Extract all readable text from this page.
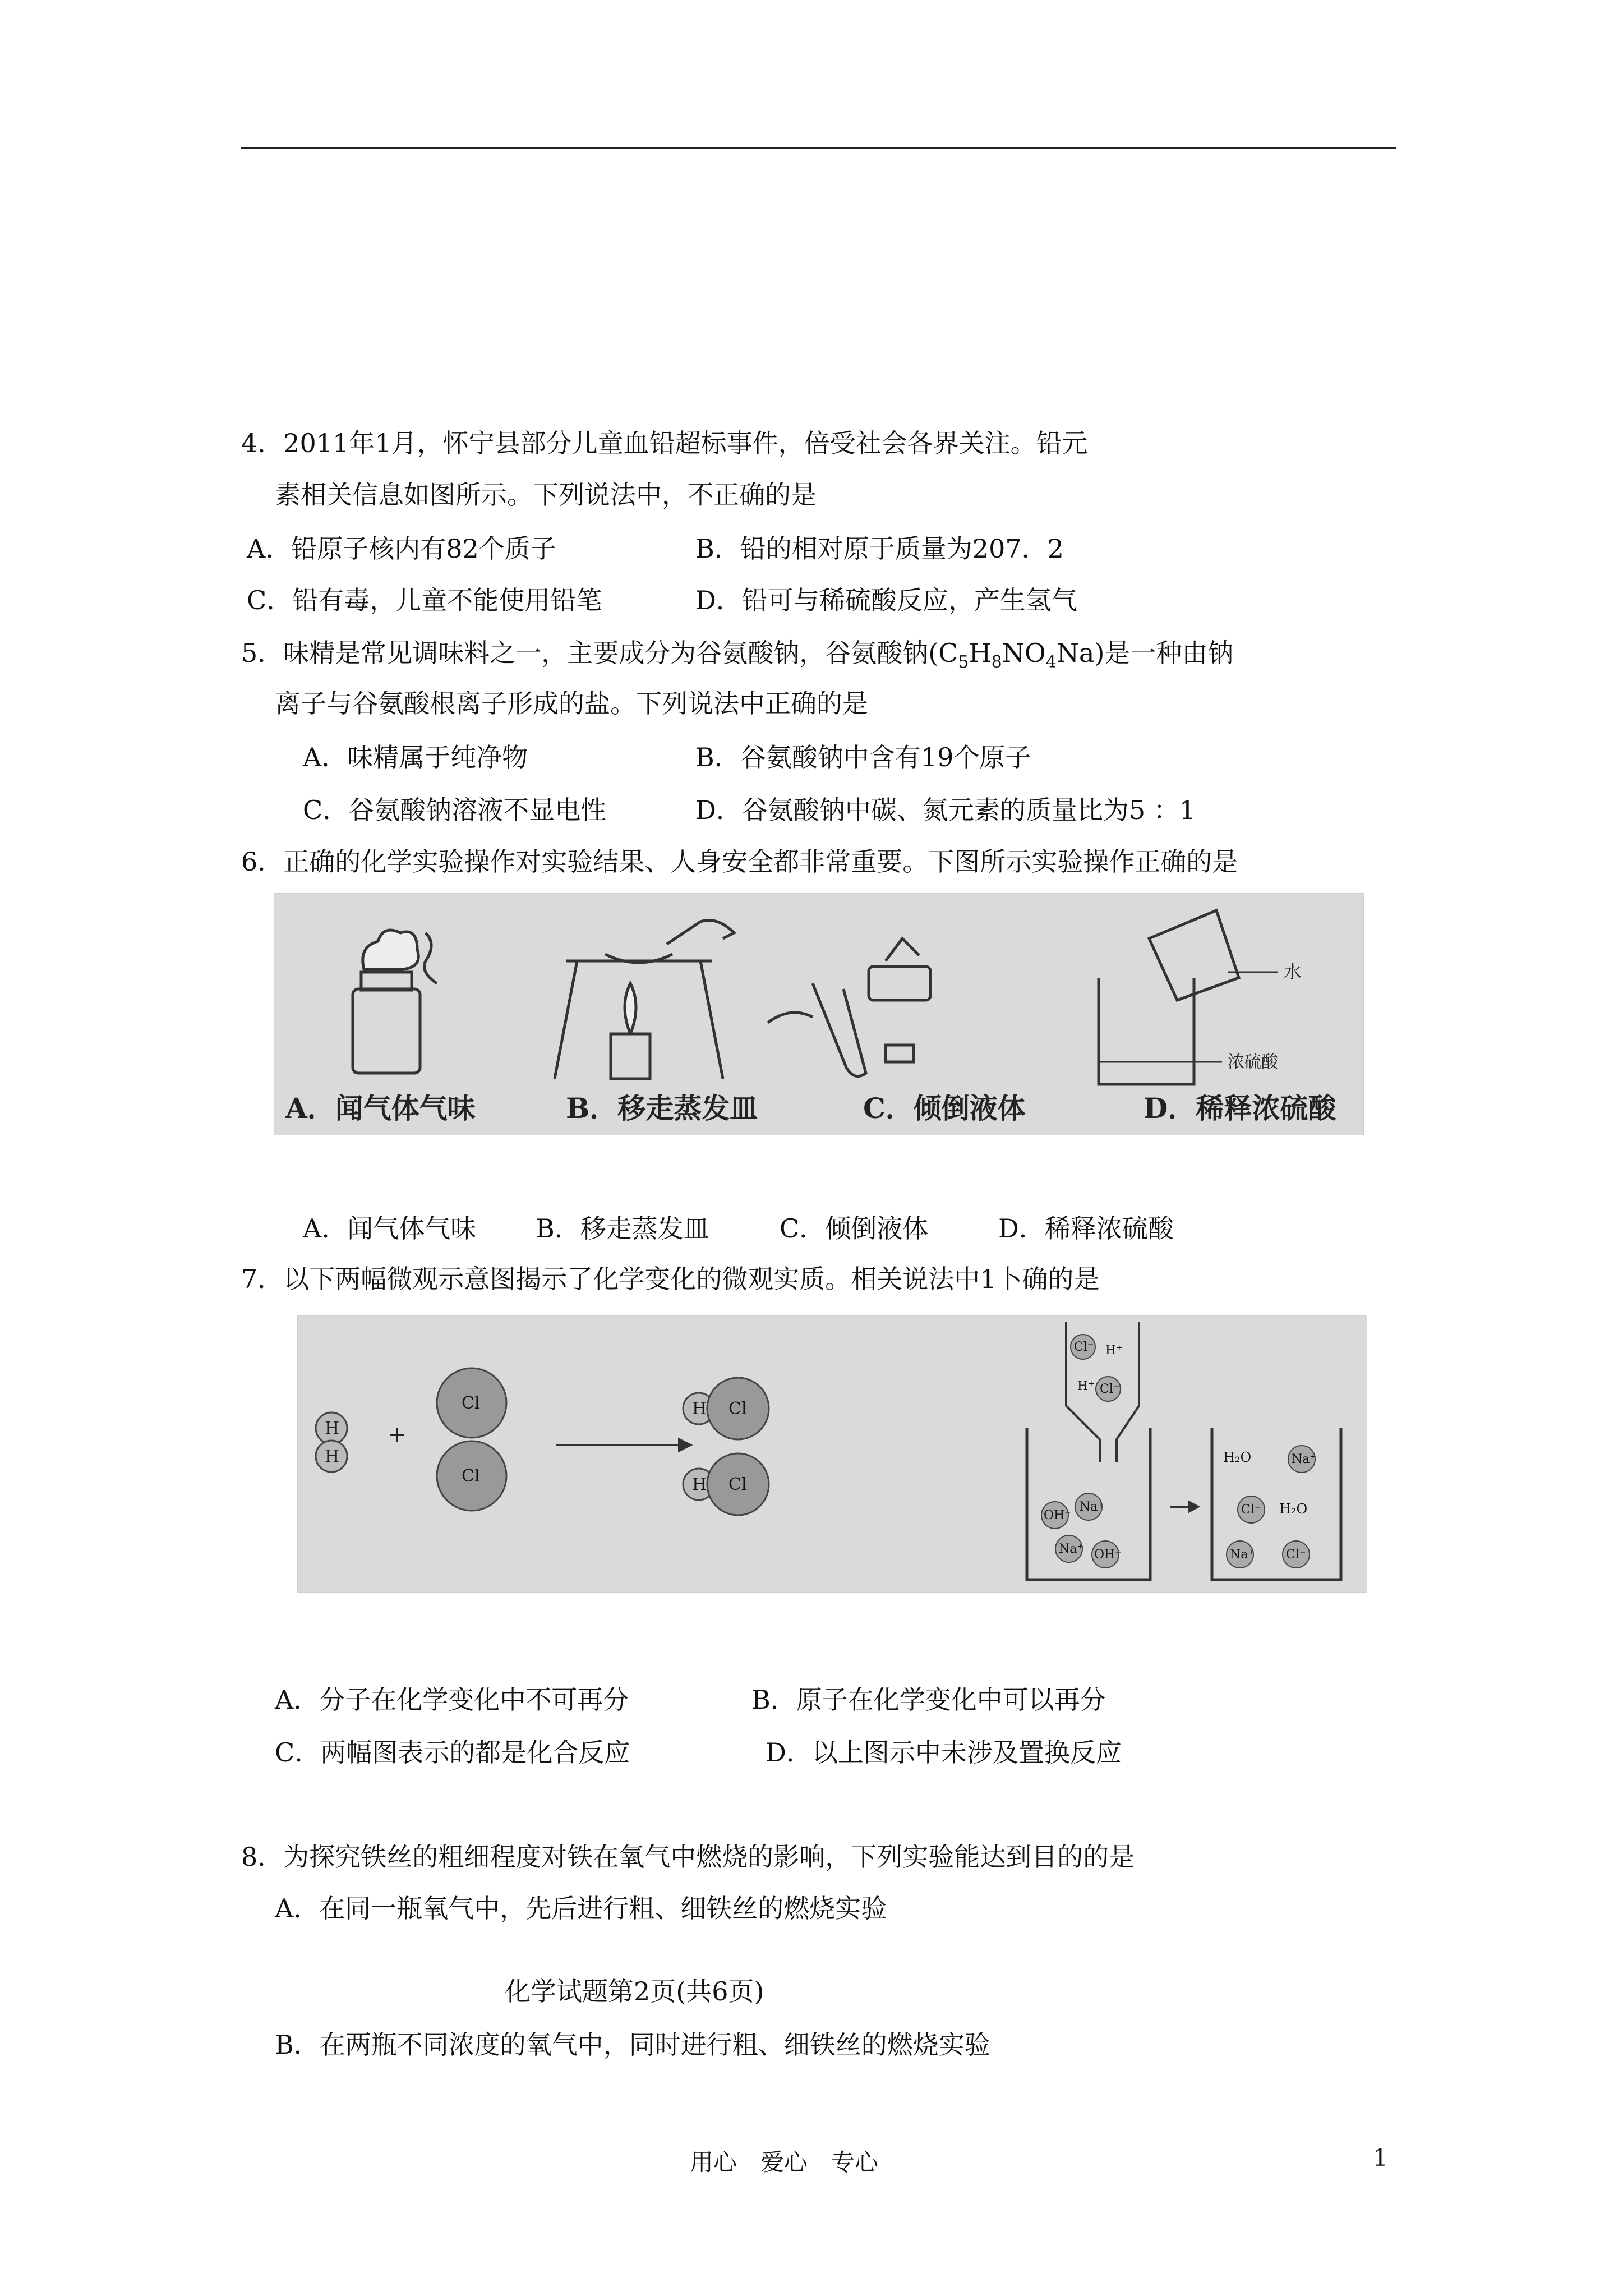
4．2011年1月，怀宁县部分儿童血铅超标事件，倍受社会各界关注。铅元
素相关信息如图所示。下列说法中，不正确的是
A．铅原子核内有82个质子	B．铅的相对原于质量为207．2
C．铅有毒，儿童不能使用铅笔	D．铅可与稀硫酸反应，产生氢气
5．味精是常见调味料之一，主要成分为谷氨酸钠，谷氨酸钠$(C_5H_8NO_4Na)$是一种由钠
离子与谷氨酸根离子形成的盐。下列说法中正确的是
A．味精属于纯净物	B．谷氨酸钠中含有19个原子
C．谷氨酸钠溶液不显电性	D．谷氨酸钠中碳、氮元素的质量比为5 ：1
6．正确的化学实验操作对实验结果、人身安全都非常重要。下图所示实验操作正确的是
水
浓硫酸
A．闻气体气味	B．移走蒸发皿	C．倾倒液体	D．稀释浓硫酸
A．闻气体气味 B．移走蒸发皿	C．倾倒液体	D．稀释浓硫酸
7．以下两幅微观示意图揭示了化学变化的微观实质。相关说法中1卜确的是
H
H
+
Cl
Cl
H Cl
H Cl
Cl⁻ H⁺
H⁺ Cl⁻
OH⁻
Na⁺
Na⁺ OH⁻
H₂O	Na⁺
Cl⁻ H₂O
Na⁺	Cl⁻
A．分子在化学变化中不可再分	B．原子在化学变化中可以再分
C．两幅图表示的都是化合反应	D．以上图示中未涉及置换反应
8．为探究铁丝的粗细程度对铁在氧气中燃烧的影响，下列实验能达到目的的是
A．在同一瓶氧气中，先后进行粗、细铁丝的燃烧实验
化学试题第2页(共6页)
B．在两瓶不同浓度的氧气中，同时进行粗、细铁丝的燃烧实验
用心　爱心　专心	1
